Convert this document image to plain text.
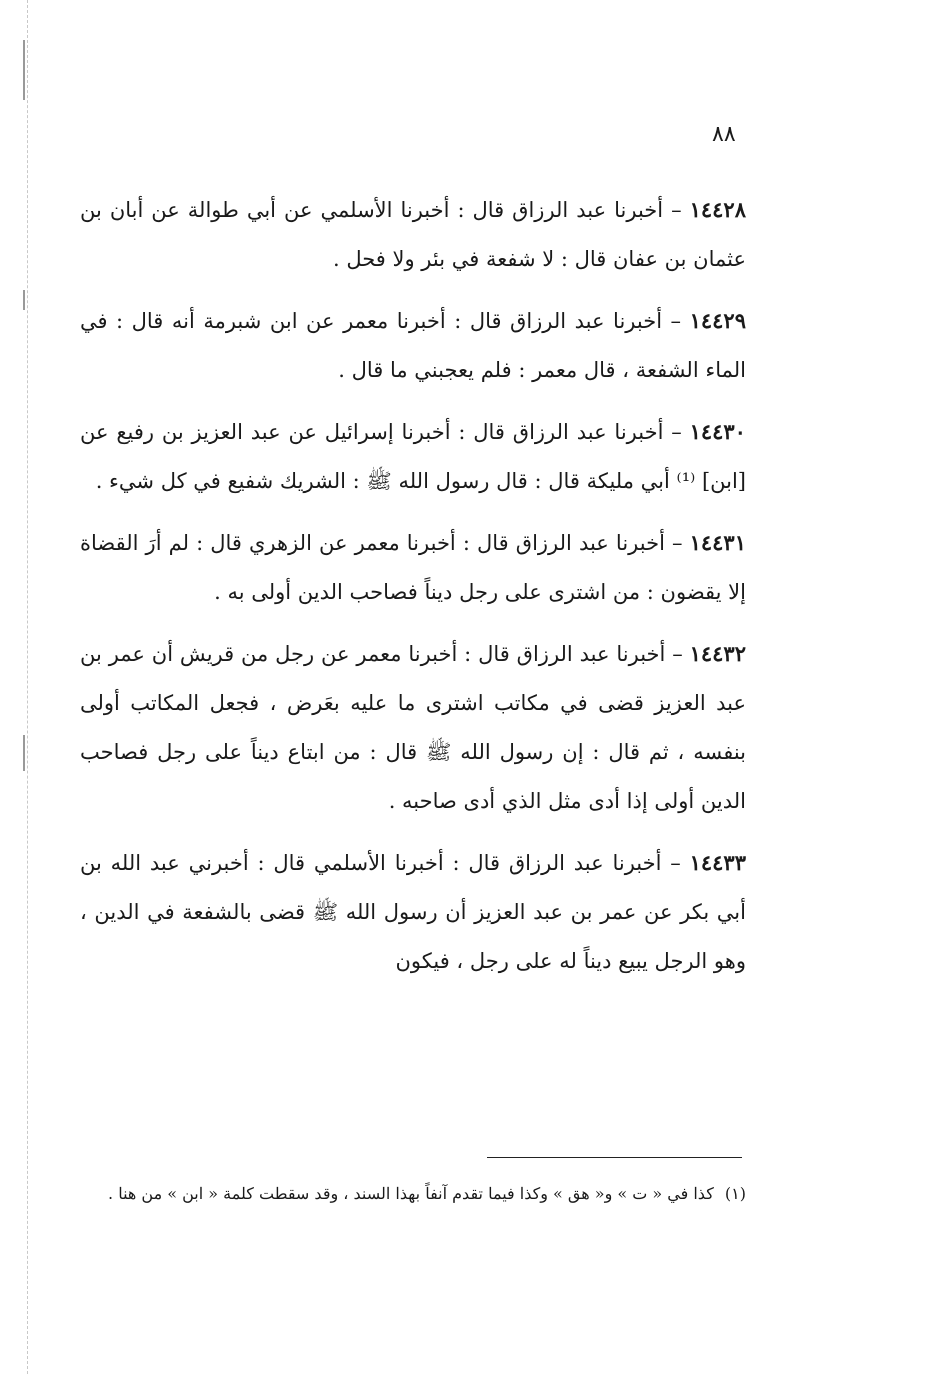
٨٨

١٤٤٢٨ – أخبرنا عبد الرزاق قال : أخبرنا الأسلمي عن أبي طوالة عن أبان بن عثمان بن عفان قال : لا شفعة في بئر ولا فحل .

١٤٤٢٩ – أخبرنا عبد الرزاق قال : أخبرنا معمر عن ابن شبرمة أنه قال : في الماء الشفعة ، قال معمر : فلم يعجبني ما قال .

١٤٤٣٠ – أخبرنا عبد الرزاق قال : أخبرنا إسرائيل عن عبد العزيز بن رفيع عن [ابن] ⁽¹⁾ أبي مليكة قال : قال رسول الله ﷺ : الشريك شفيع في كل شيء .

١٤٤٣١ – أخبرنا عبد الرزاق قال : أخبرنا معمر عن الزهري قال : لم أرَ القضاة إلا يقضون : من اشترى على رجل ديناً فصاحب الدين أولى به .

١٤٤٣٢ – أخبرنا عبد الرزاق قال : أخبرنا معمر عن رجل من قريش أن عمر بن عبد العزيز قضى في مكاتب اشترى ما عليه بعَرض ، فجعل المكاتب أولى بنفسه ، ثم قال : إن رسول الله ﷺ قال : من ابتاع ديناً على رجل فصاحب الدين أولى إذا أدى مثل الذي أدى صاحبه .

١٤٤٣٣ – أخبرنا عبد الرزاق قال : أخبرنا الأسلمي قال : أخبرني عبد الله بن أبي بكر عن عمر بن عبد العزيز أن رسول الله ﷺ قضى بالشفعة في الدين ، وهو الرجل يبيع ديناً له على رجل ، فيكون

(١) كذا في « ت » و« هق » وكذا فيما تقدم آنفاً بهذا السند ، وقد سقطت كلمة « ابن » من هنا .
